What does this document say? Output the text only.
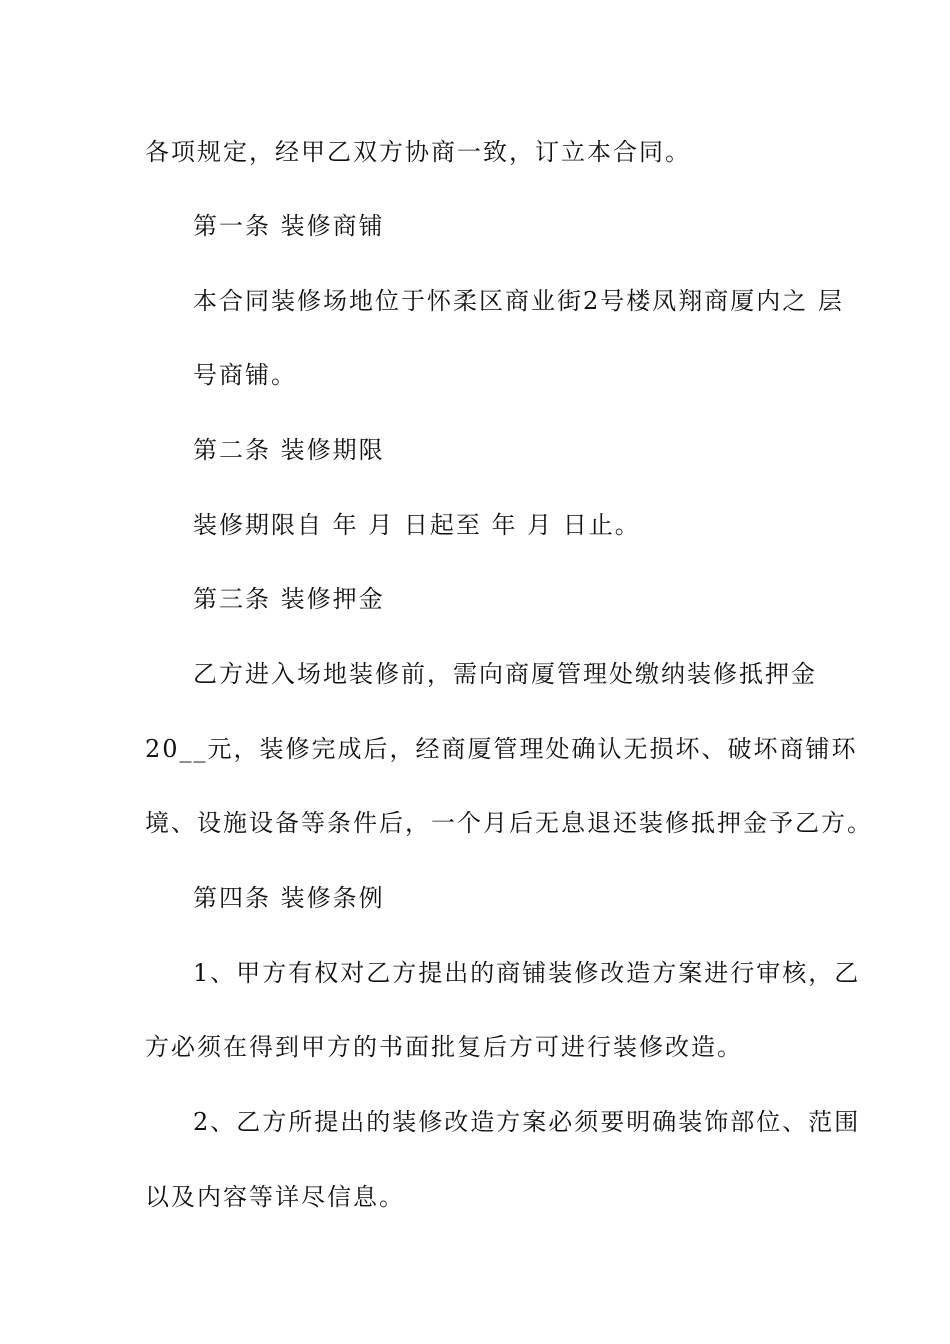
各项规定，经甲乙双方协商一致，订立本合同。
第一条 装修商铺
本合同装修场地位于怀柔区商业街2号楼凤翔商厦内之 层
号商铺。
第二条 装修期限
装修期限自 年 月 日起至 年 月 日止。
第三条 装修押金
乙方进入场地装修前，需向商厦管理处缴纳装修抵押金
20__元，装修完成后，经商厦管理处确认无损坏、破坏商铺环
境、设施设备等条件后，一个月后无息退还装修抵押金予乙方。
第四条 装修条例
1、甲方有权对乙方提出的商铺装修改造方案进行审核，乙
方必须在得到甲方的书面批复后方可进行装修改造。
2、乙方所提出的装修改造方案必须要明确装饰部位、范围
以及内容等详尽信息。
